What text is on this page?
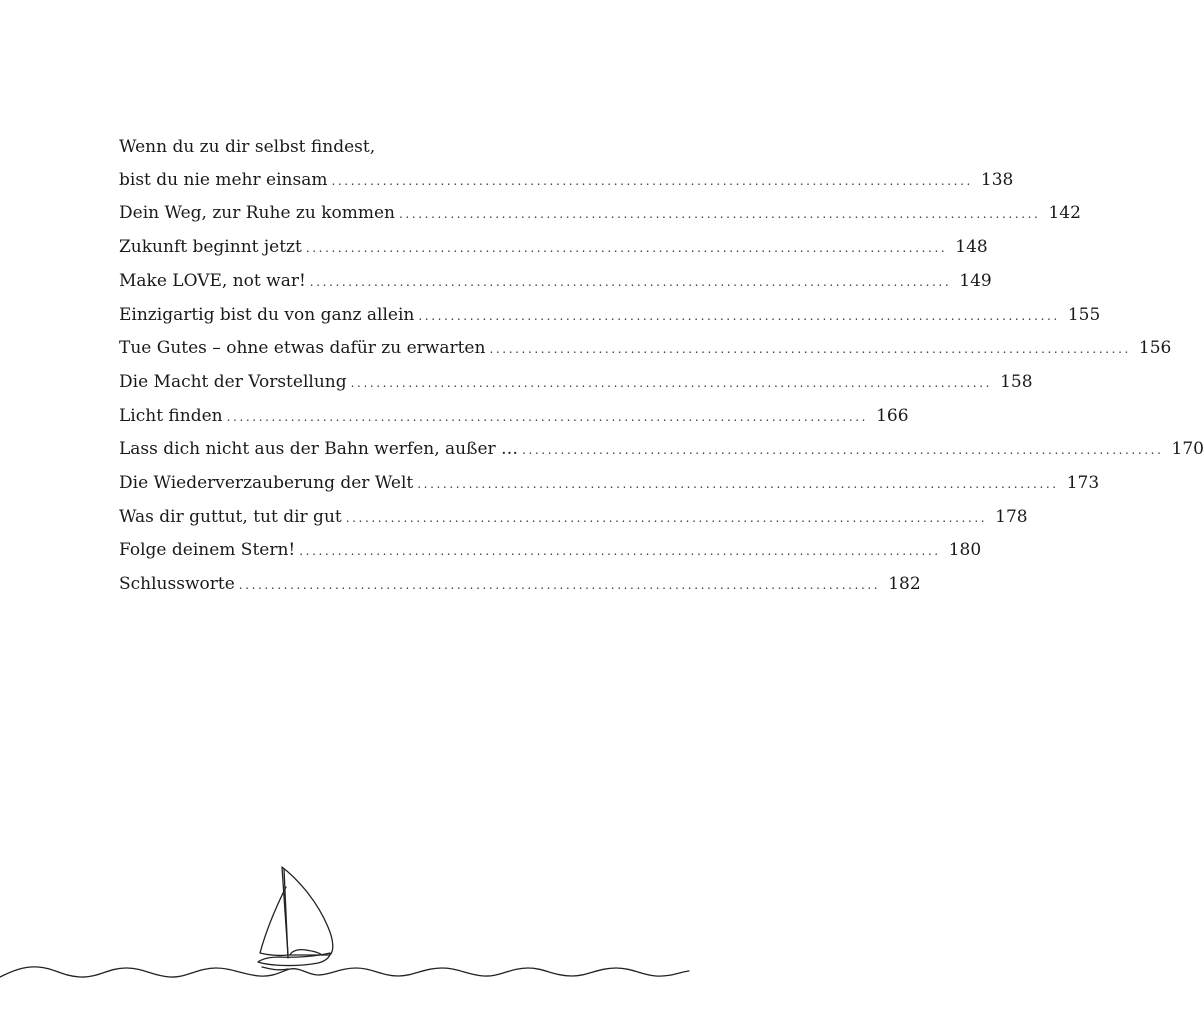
Wenn du zu dir selbst findest,
bist du nie mehr einsam .................................................................................................... 138
Dein Weg, zur Ruhe zu kommen .................................................................................................... 142
Zukunft beginnt jetzt .................................................................................................... 148
Make LOVE, not war! .................................................................................................... 149
Einzigartig bist du von ganz allein .................................................................................................... 155
Tue Gutes – ohne etwas dafür zu erwarten .................................................................................................... 156
Die Macht der Vorstellung .................................................................................................... 158
Licht finden .................................................................................................... 166
Lass dich nicht aus der Bahn werfen, außer … .................................................................................................... 170
Die Wiederverzauberung der Welt .................................................................................................... 173
Was dir guttut, tut dir gut .................................................................................................... 178
Folge deinem Stern! .................................................................................................... 180
Schlussworte .................................................................................................... 182
